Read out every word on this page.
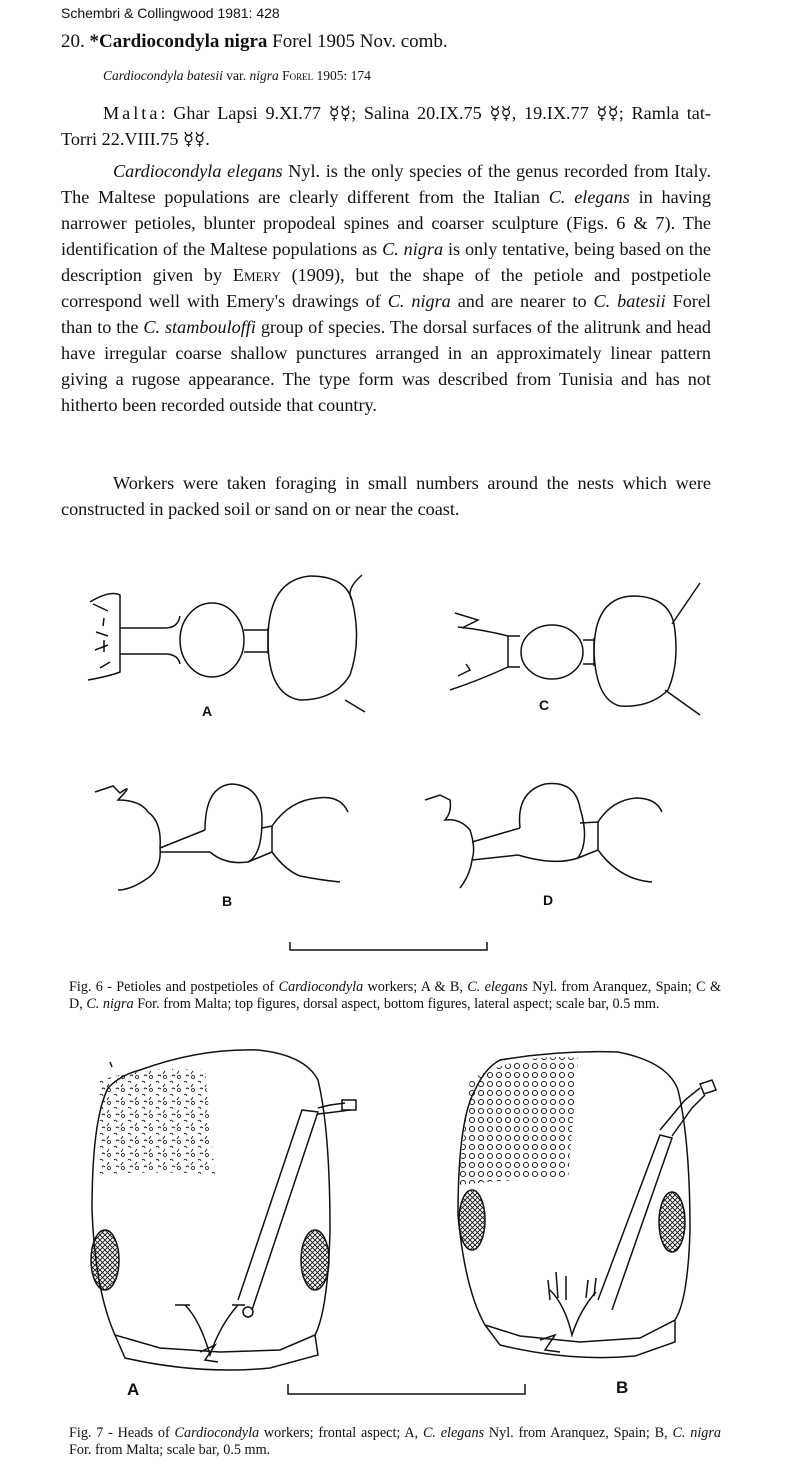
Schembri & Collingwood 1981: 428
20. *Cardiocondyla nigra Forel 1905 Nov. comb.
Cardiocondyla batesii var. nigra Forel 1905: 174
Malta: Ghar Lapsi 9.XI.77 ☿☿; Salina 20.IX.75 ☿☿, 19.IX.77 ☿☿; Ramla tat-Torri 22.VIII.75 ☿☿.
Cardiocondyla elegans Nyl. is the only species of the genus recorded from Italy. The Maltese populations are clearly different from the Italian C. elegans in having narrower petioles, blunter propodeal spines and coarser sculpture (Figs. 6 & 7). The identification of the Maltese populations as C. nigra is only tentative, being based on the description given by Emery (1909), but the shape of the petiole and postpetiole correspond well with Emery's drawings of C. nigra and are nearer to C. batesii Forel than to the C. stambouloffi group of species. The dorsal surfaces of the alitrunk and head have irregular coarse shallow punctures arranged in an approximately linear pattern giving a rugose appearance. The type form was described from Tunisia and has not hitherto been recorded outside that country.
Workers were taken foraging in small numbers around the nests which were constructed in packed soil or sand on or near the coast.
A	C
B	D
Fig. 6 - Petioles and postpetioles of Cardiocondyla workers; A & B, C. elegans Nyl. from Aranquez, Spain; C & D, C. nigra For. from Malta; top figures, dorsal aspect, bottom figures, lateral aspect; scale bar, 0.5 mm.
A	B
Fig. 7 - Heads of Cardiocondyla workers; frontal aspect; A, C. elegans Nyl. from Aranquez, Spain; B, C. nigra For. from Malta; scale bar, 0.5 mm.
